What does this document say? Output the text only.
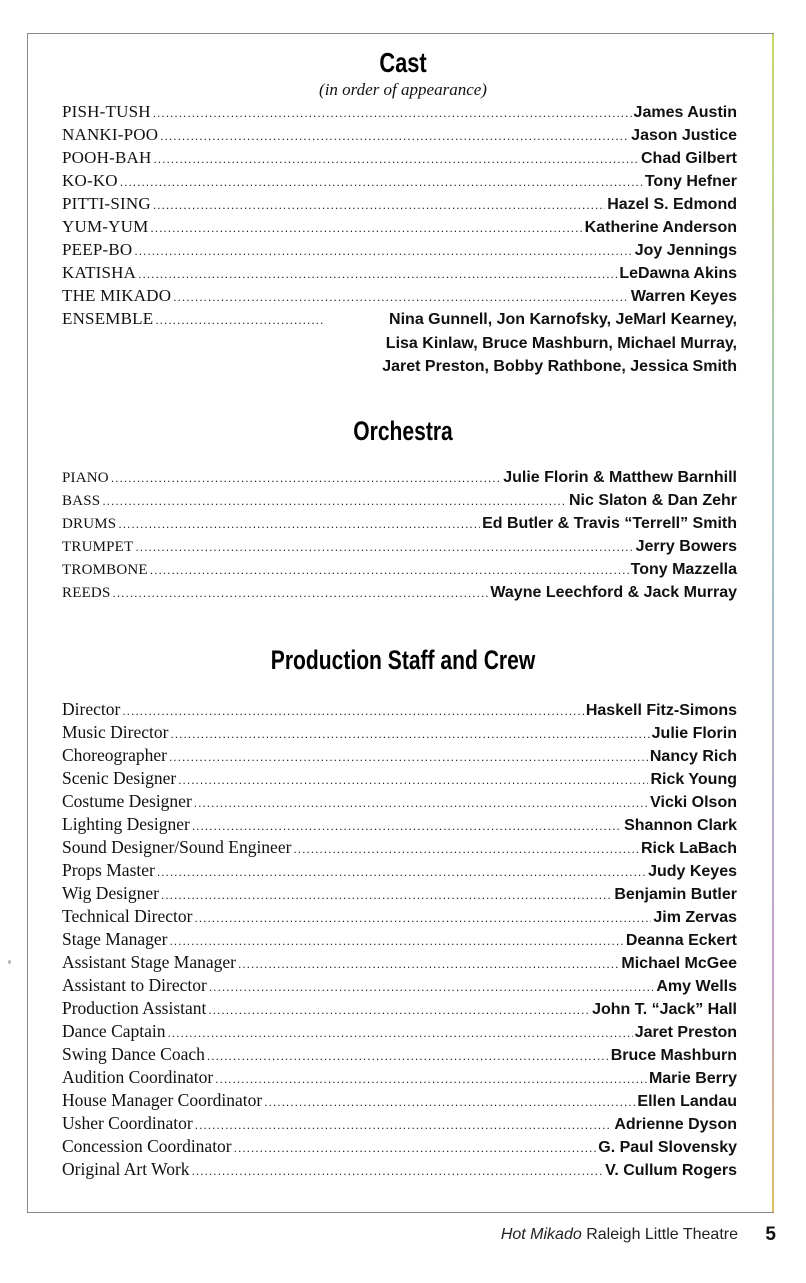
Cast
(in order of appearance)
PISH-TUSH .....	James Austin
NANKI-POO .....	Jason Justice
POOH-BAH .....	Chad Gilbert
KO-KO .....	Tony Hefner
PITTI-SING .....	Hazel S. Edmond
YUM-YUM .....	Katherine Anderson
PEEP-BO .....	Joy Jennings
KATISHA .....	LeDawna Akins
THE MIKADO .....	Warren Keyes
ENSEMBLE .....	Nina Gunnell, Jon Karnofsky, JeMarl Kearney,
Lisa Kinlaw, Bruce Mashburn, Michael Murray,
Jaret Preston, Bobby Rathbone, Jessica Smith
Orchestra
PIANO .....	Julie Florin & Matthew Barnhill
BASS .....	Nic Slaton & Dan Zehr
DRUMS .....	Ed Butler & Travis “Terrell” Smith
TRUMPET .....	Jerry Bowers
TROMBONE .....	Tony Mazzella
REEDS .....	Wayne Leechford & Jack Murray
Production Staff and Crew
Director .....	Haskell Fitz-Simons
Music Director .....	Julie Florin
Choreographer .....	Nancy Rich
Scenic Designer .....	Rick Young
Costume Designer .....	Vicki Olson
Lighting Designer .....	Shannon Clark
Sound Designer/Sound Engineer .....	Rick LaBach
Props Master .....	Judy Keyes
Wig Designer .....	Benjamin Butler
Technical Director .....	Jim Zervas
Stage Manager .....	Deanna Eckert
Assistant Stage Manager .....	Michael McGee
Assistant to Director .....	Amy Wells
Production Assistant .....	John T. “Jack” Hall
Dance Captain .....	Jaret Preston
Swing Dance Coach .....	Bruce Mashburn
Audition Coordinator .....	Marie Berry
House Manager Coordinator .....	Ellen Landau
Usher Coordinator .....	Adrienne Dyson
Concession Coordinator .....	G. Paul Slovensky
Original Art Work .....	V. Cullum Rogers
Hot Mikado Raleigh Little Theatre 5
